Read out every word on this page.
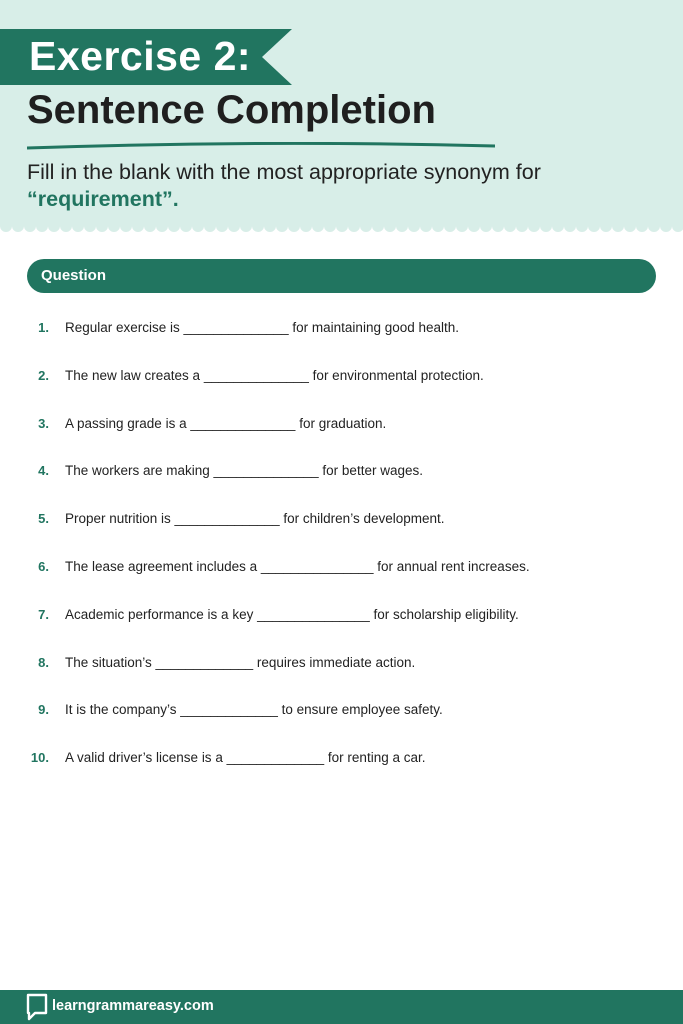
Exercise 2:
Sentence Completion
Fill in the blank with the most appropriate synonym for “requirement”.
Question
1. Regular exercise is ______________ for maintaining good health.
2. The new law creates a ______________ for environmental protection.
3. A passing grade is a ______________ for graduation.
4. The workers are making ______________ for better wages.
5. Proper nutrition is ______________ for children’s development.
6. The lease agreement includes a _______________ for annual rent increases.
7. Academic performance is a key _______________ for scholarship eligibility.
8. The situation’s _____________ requires immediate action.
9. It is the company’s _____________ to ensure employee safety.
10. A valid driver’s license is a _____________ for renting a car.
learngrammareasy.com
